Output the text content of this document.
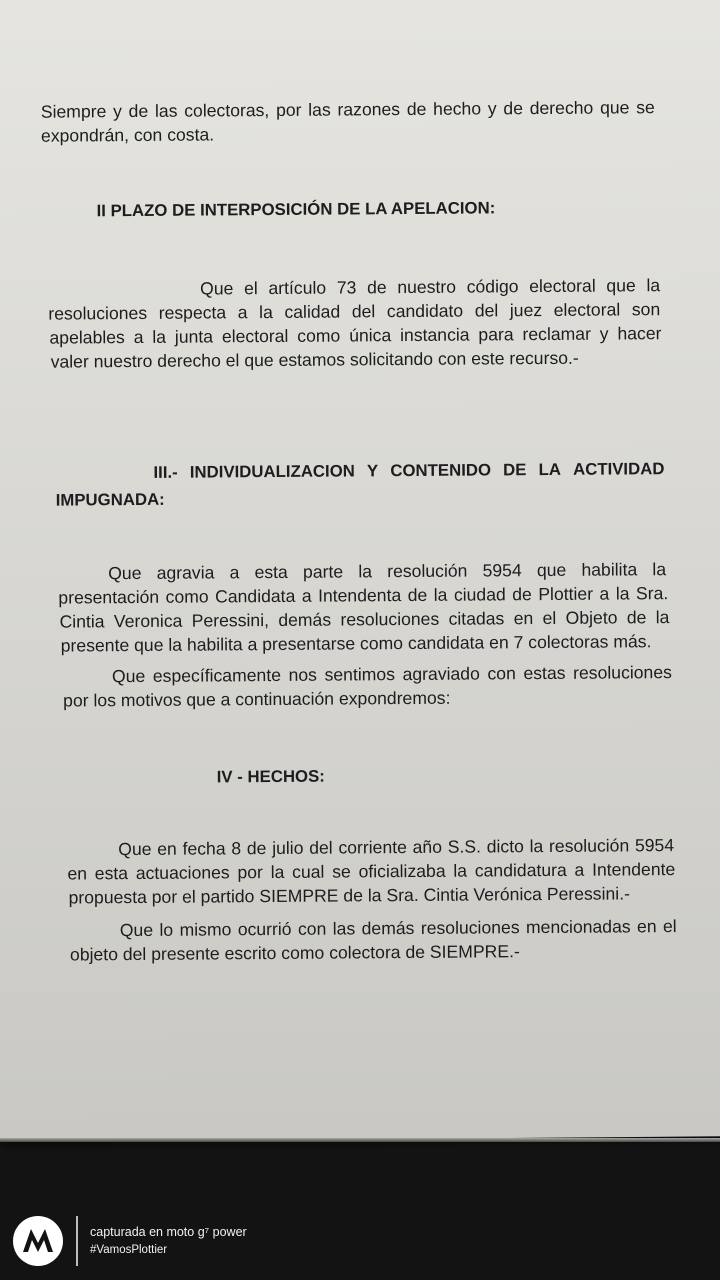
Siempre y de las colectoras, por las razones de hecho y de derecho que se
expondrán, con costa.
II PLAZO DE INTERPOSICIÓN DE LA APELACION:
Que el artículo 73 de nuestro código electoral que la
resoluciones respecta a la calidad del candidato del juez electoral son
apelables a la junta electoral como única instancia para reclamar y hacer
valer nuestro derecho el que estamos solicitando con este recurso.-
III.- INDIVIDUALIZACION Y CONTENIDO DE LA ACTIVIDAD
IMPUGNADA:
Que agravia a esta parte la resolución 5954 que habilita la
presentación como Candidata a Intendenta de la ciudad de Plottier a la Sra.
Cintia Veronica Peressini, demás resoluciones citadas en el Objeto de la
presente que la habilita a presentarse como candidata en 7 colectoras más.
Que específicamente nos sentimos agraviado con estas resoluciones
por los motivos que a continuación expondremos:
IV - HECHOS:
Que en fecha 8 de julio del corriente año S.S. dicto la resolución 5954
en esta actuaciones por la cual se oficializaba la candidatura a Intendente
propuesta por el partido SIEMPRE de la Sra. Cintia Verónica Peressini.-
Que lo mismo ocurrió con las demás resoluciones mencionadas en el
objeto del presente escrito como colectora de SIEMPRE.-
capturada en moto g⁷ power
#VamosPlottier
